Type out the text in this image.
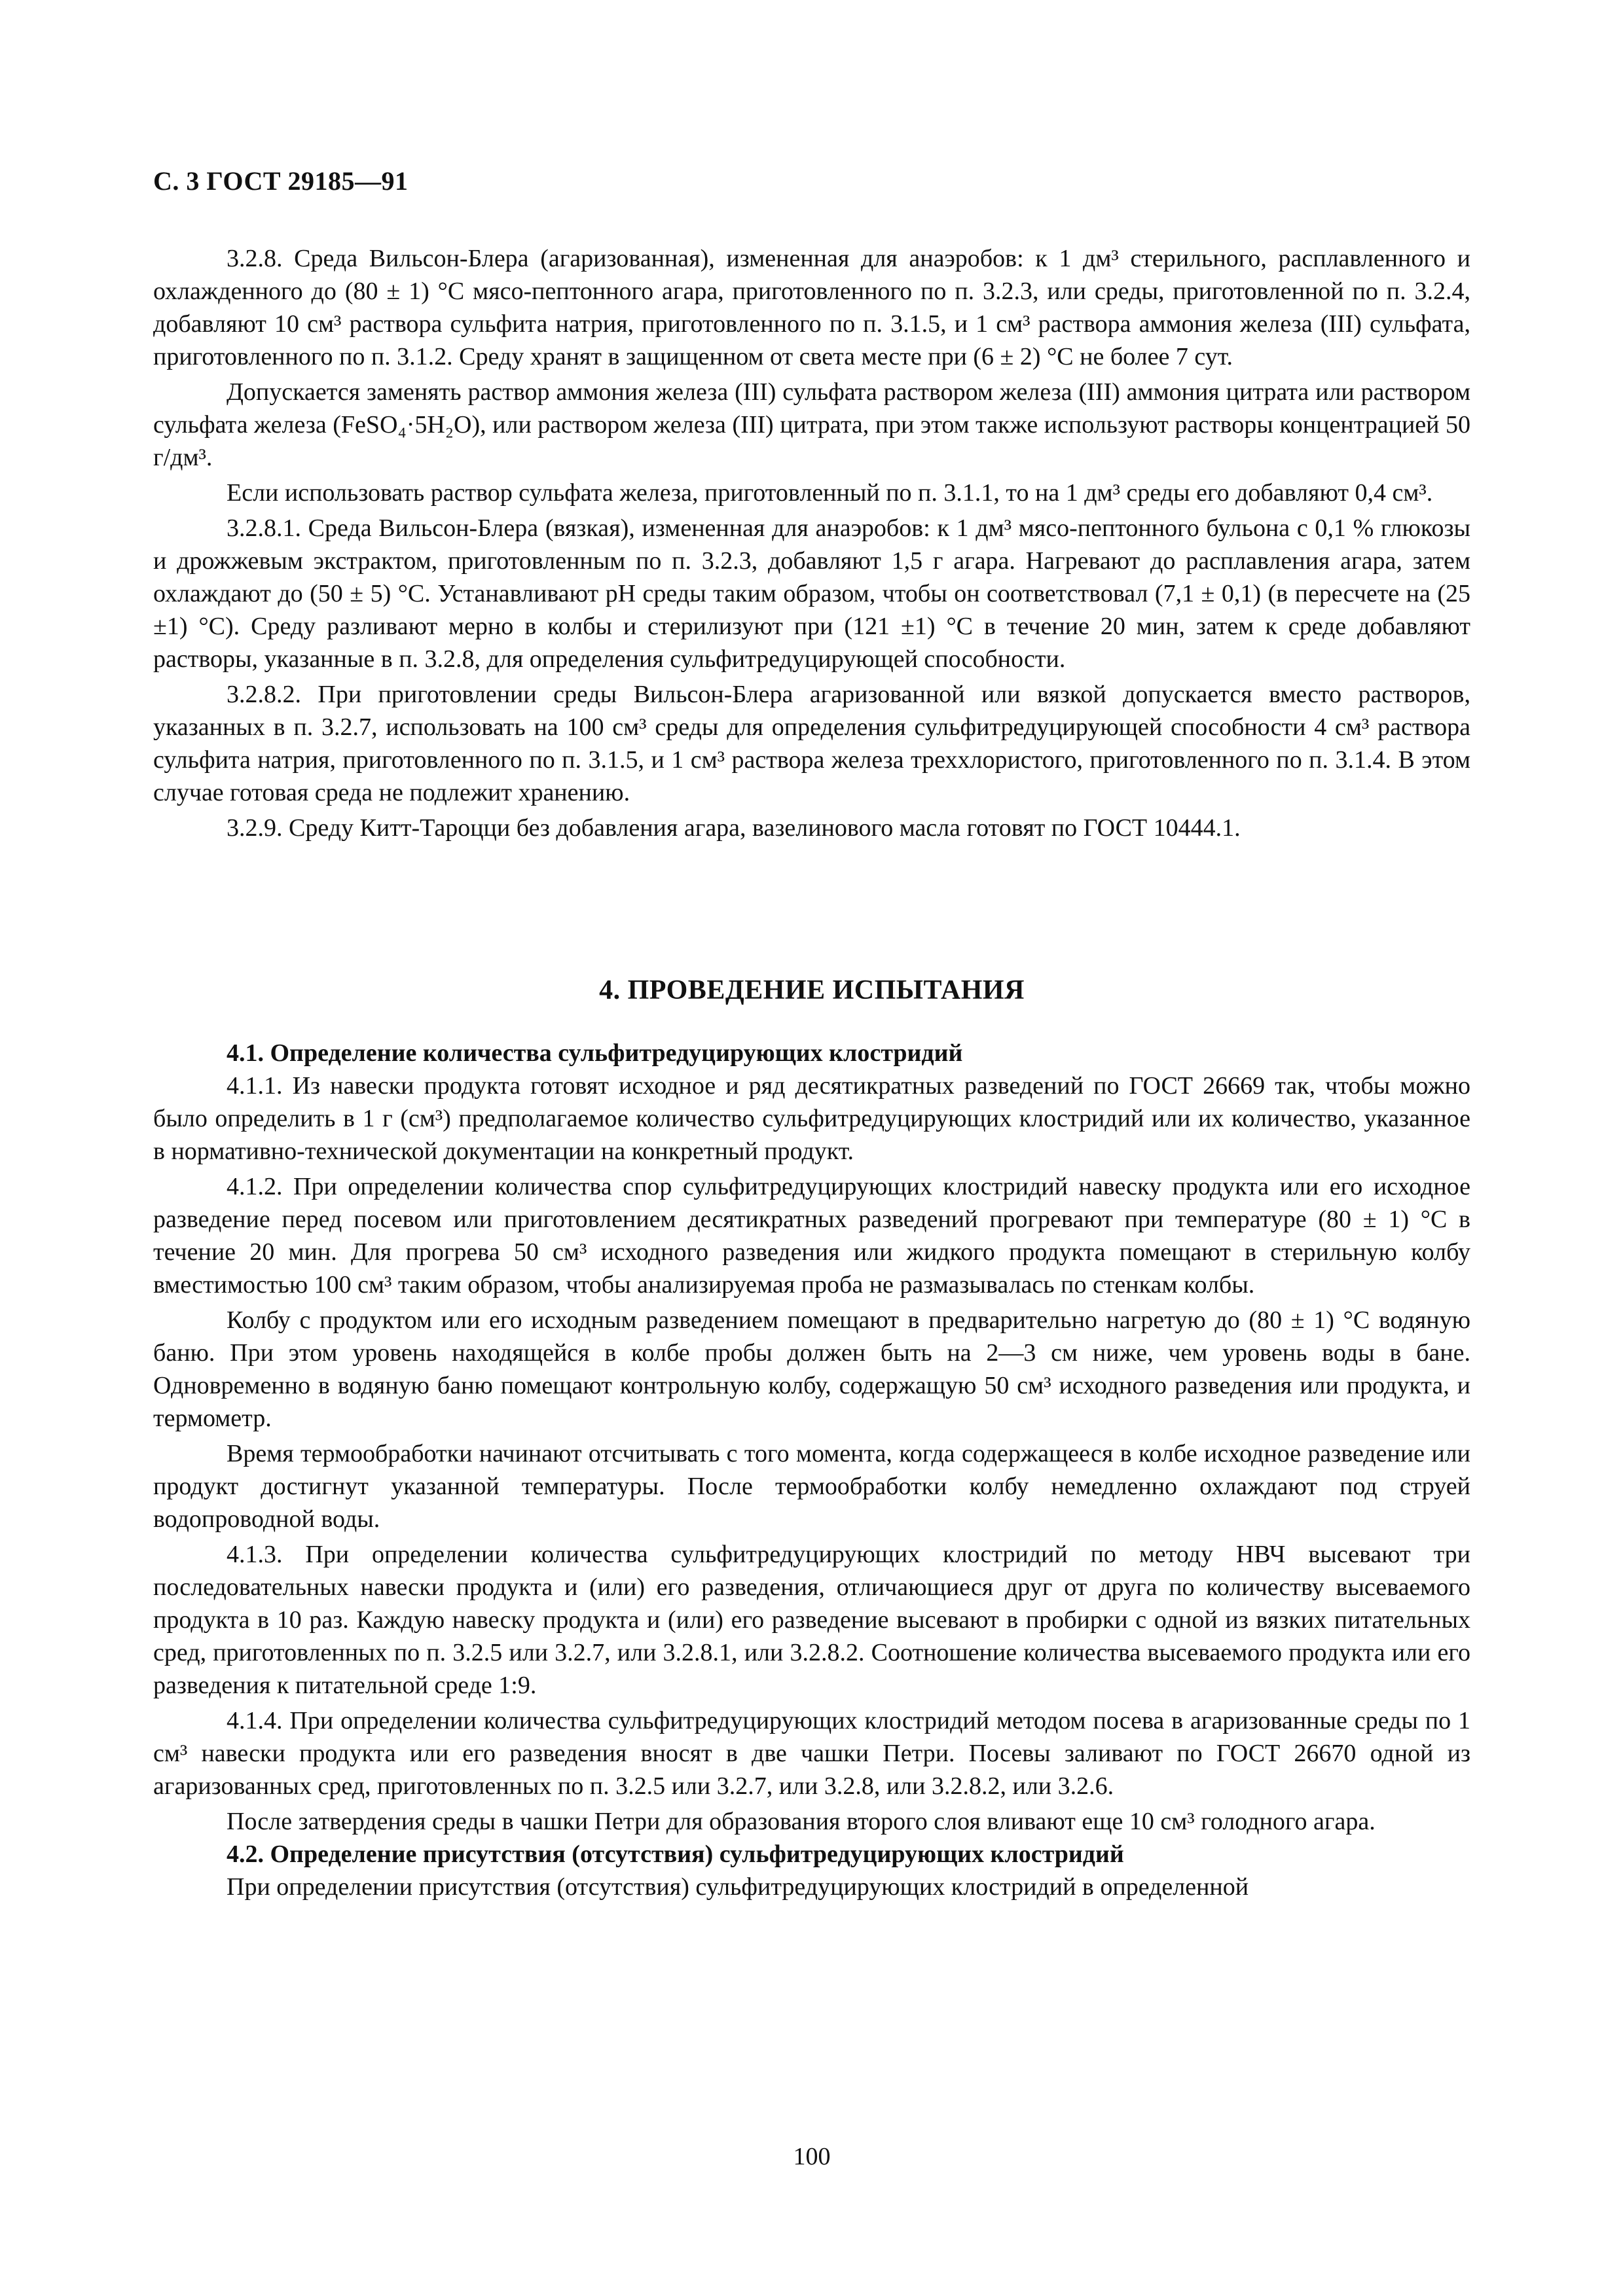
С. 3 ГОСТ 29185—91

3.2.8. Среда Вильсон-Блера (агаризованная), измененная для анаэробов: к 1 дм³ стерильного, расплавленного и охлажденного до (80 ± 1) °С мясо-пептонного агара, приготовленного по п. 3.2.3, или среды, приготовленной по п. 3.2.4, добавляют 10 см³ раствора сульфита натрия, приготовленного по п. 3.1.5, и 1 см³ раствора аммония железа (III) сульфата, приготовленного по п. 3.1.2. Среду хранят в защищенном от света месте при (6 ± 2) °С не более 7 сут.

Допускается заменять раствор аммония железа (III) сульфата раствором железа (III) аммония цитрата или раствором сульфата железа (FeSO₄·5H₂O), или раствором железа (III) цитрата, при этом также используют растворы концентрацией 50 г/дм³.

Если использовать раствор сульфата железа, приготовленный по п. 3.1.1, то на 1 дм³ среды его добавляют 0,4 см³.

3.2.8.1. Среда Вильсон-Блера (вязкая), измененная для анаэробов: к 1 дм³ мясо-пептонного бульона с 0,1 % глюкозы и дрожжевым экстрактом, приготовленным по п. 3.2.3, добавляют 1,5 г агара. Нагревают до расплавления агара, затем охлаждают до (50 ± 5) °С. Устанавливают рН среды таким образом, чтобы он соответствовал (7,1 ± 0,1) (в пересчете на (25 ±1) °С). Среду разливают мерно в колбы и стерилизуют при (121 ±1) °С в течение 20 мин, затем к среде добавляют растворы, указанные в п. 3.2.8, для определения сульфитредуцирующей способности.

3.2.8.2. При приготовлении среды Вильсон-Блера агаризованной или вязкой допускается вместо растворов, указанных в п. 3.2.7, использовать на 100 см³ среды для определения сульфитредуцирующей способности 4 см³ раствора сульфита натрия, приготовленного по п. 3.1.5, и 1 см³ раствора железа треххлористого, приготовленного по п. 3.1.4. В этом случае готовая среда не подлежит хранению.

3.2.9. Среду Китт-Тароцци без добавления агара, вазелинового масла готовят по ГОСТ 10444.1.

4. ПРОВЕДЕНИЕ ИСПЫТАНИЯ

4.1. Определение количества сульфитредуцирующих клостридий

4.1.1. Из навески продукта готовят исходное и ряд десятикратных разведений по ГОСТ 26669 так, чтобы можно было определить в 1 г (см³) предполагаемое количество сульфитредуцирующих клостридий или их количество, указанное в нормативно-технической документации на конкретный продукт.

4.1.2. При определении количества спор сульфитредуцирующих клостридий навеску продукта или его исходное разведение перед посевом или приготовлением десятикратных разведений прогревают при температуре (80 ± 1) °С в течение 20 мин. Для прогрева 50 см³ исходного разведения или жидкого продукта помещают в стерильную колбу вместимостью 100 см³ таким образом, чтобы анализируемая проба не размазывалась по стенкам колбы.

Колбу с продуктом или его исходным разведением помещают в предварительно нагретую до (80 ± 1) °С водяную баню. При этом уровень находящейся в колбе пробы должен быть на 2—3 см ниже, чем уровень воды в бане. Одновременно в водяную баню помещают контрольную колбу, содержащую 50 см³ исходного разведения или продукта, и термометр.

Время термообработки начинают отсчитывать с того момента, когда содержащееся в колбе исходное разведение или продукт достигнут указанной температуры. После термообработки колбу немедленно охлаждают под струей водопроводной воды.

4.1.3. При определении количества сульфитредуцирующих клостридий по методу НВЧ высевают три последовательных навески продукта и (или) его разведения, отличающиеся друг от друга по количеству высеваемого продукта в 10 раз. Каждую навеску продукта и (или) его разведение высевают в пробирки с одной из вязких питательных сред, приготовленных по п. 3.2.5 или 3.2.7, или 3.2.8.1, или 3.2.8.2. Соотношение количества высеваемого продукта или его разведения к питательной среде 1:9.

4.1.4. При определении количества сульфитредуцирующих клостридий методом посева в агаризованные среды по 1 см³ навески продукта или его разведения вносят в две чашки Петри. Посевы заливают по ГОСТ 26670 одной из агаризованных сред, приготовленных по п. 3.2.5 или 3.2.7, или 3.2.8, или 3.2.8.2, или 3.2.6.

После затвердения среды в чашки Петри для образования второго слоя вливают еще 10 см³ голодного агара.

4.2. Определение присутствия (отсутствия) сульфитредуцирующих клостридий

При определении присутствия (отсутствия) сульфитредуцирующих клостридий в определенной

100
